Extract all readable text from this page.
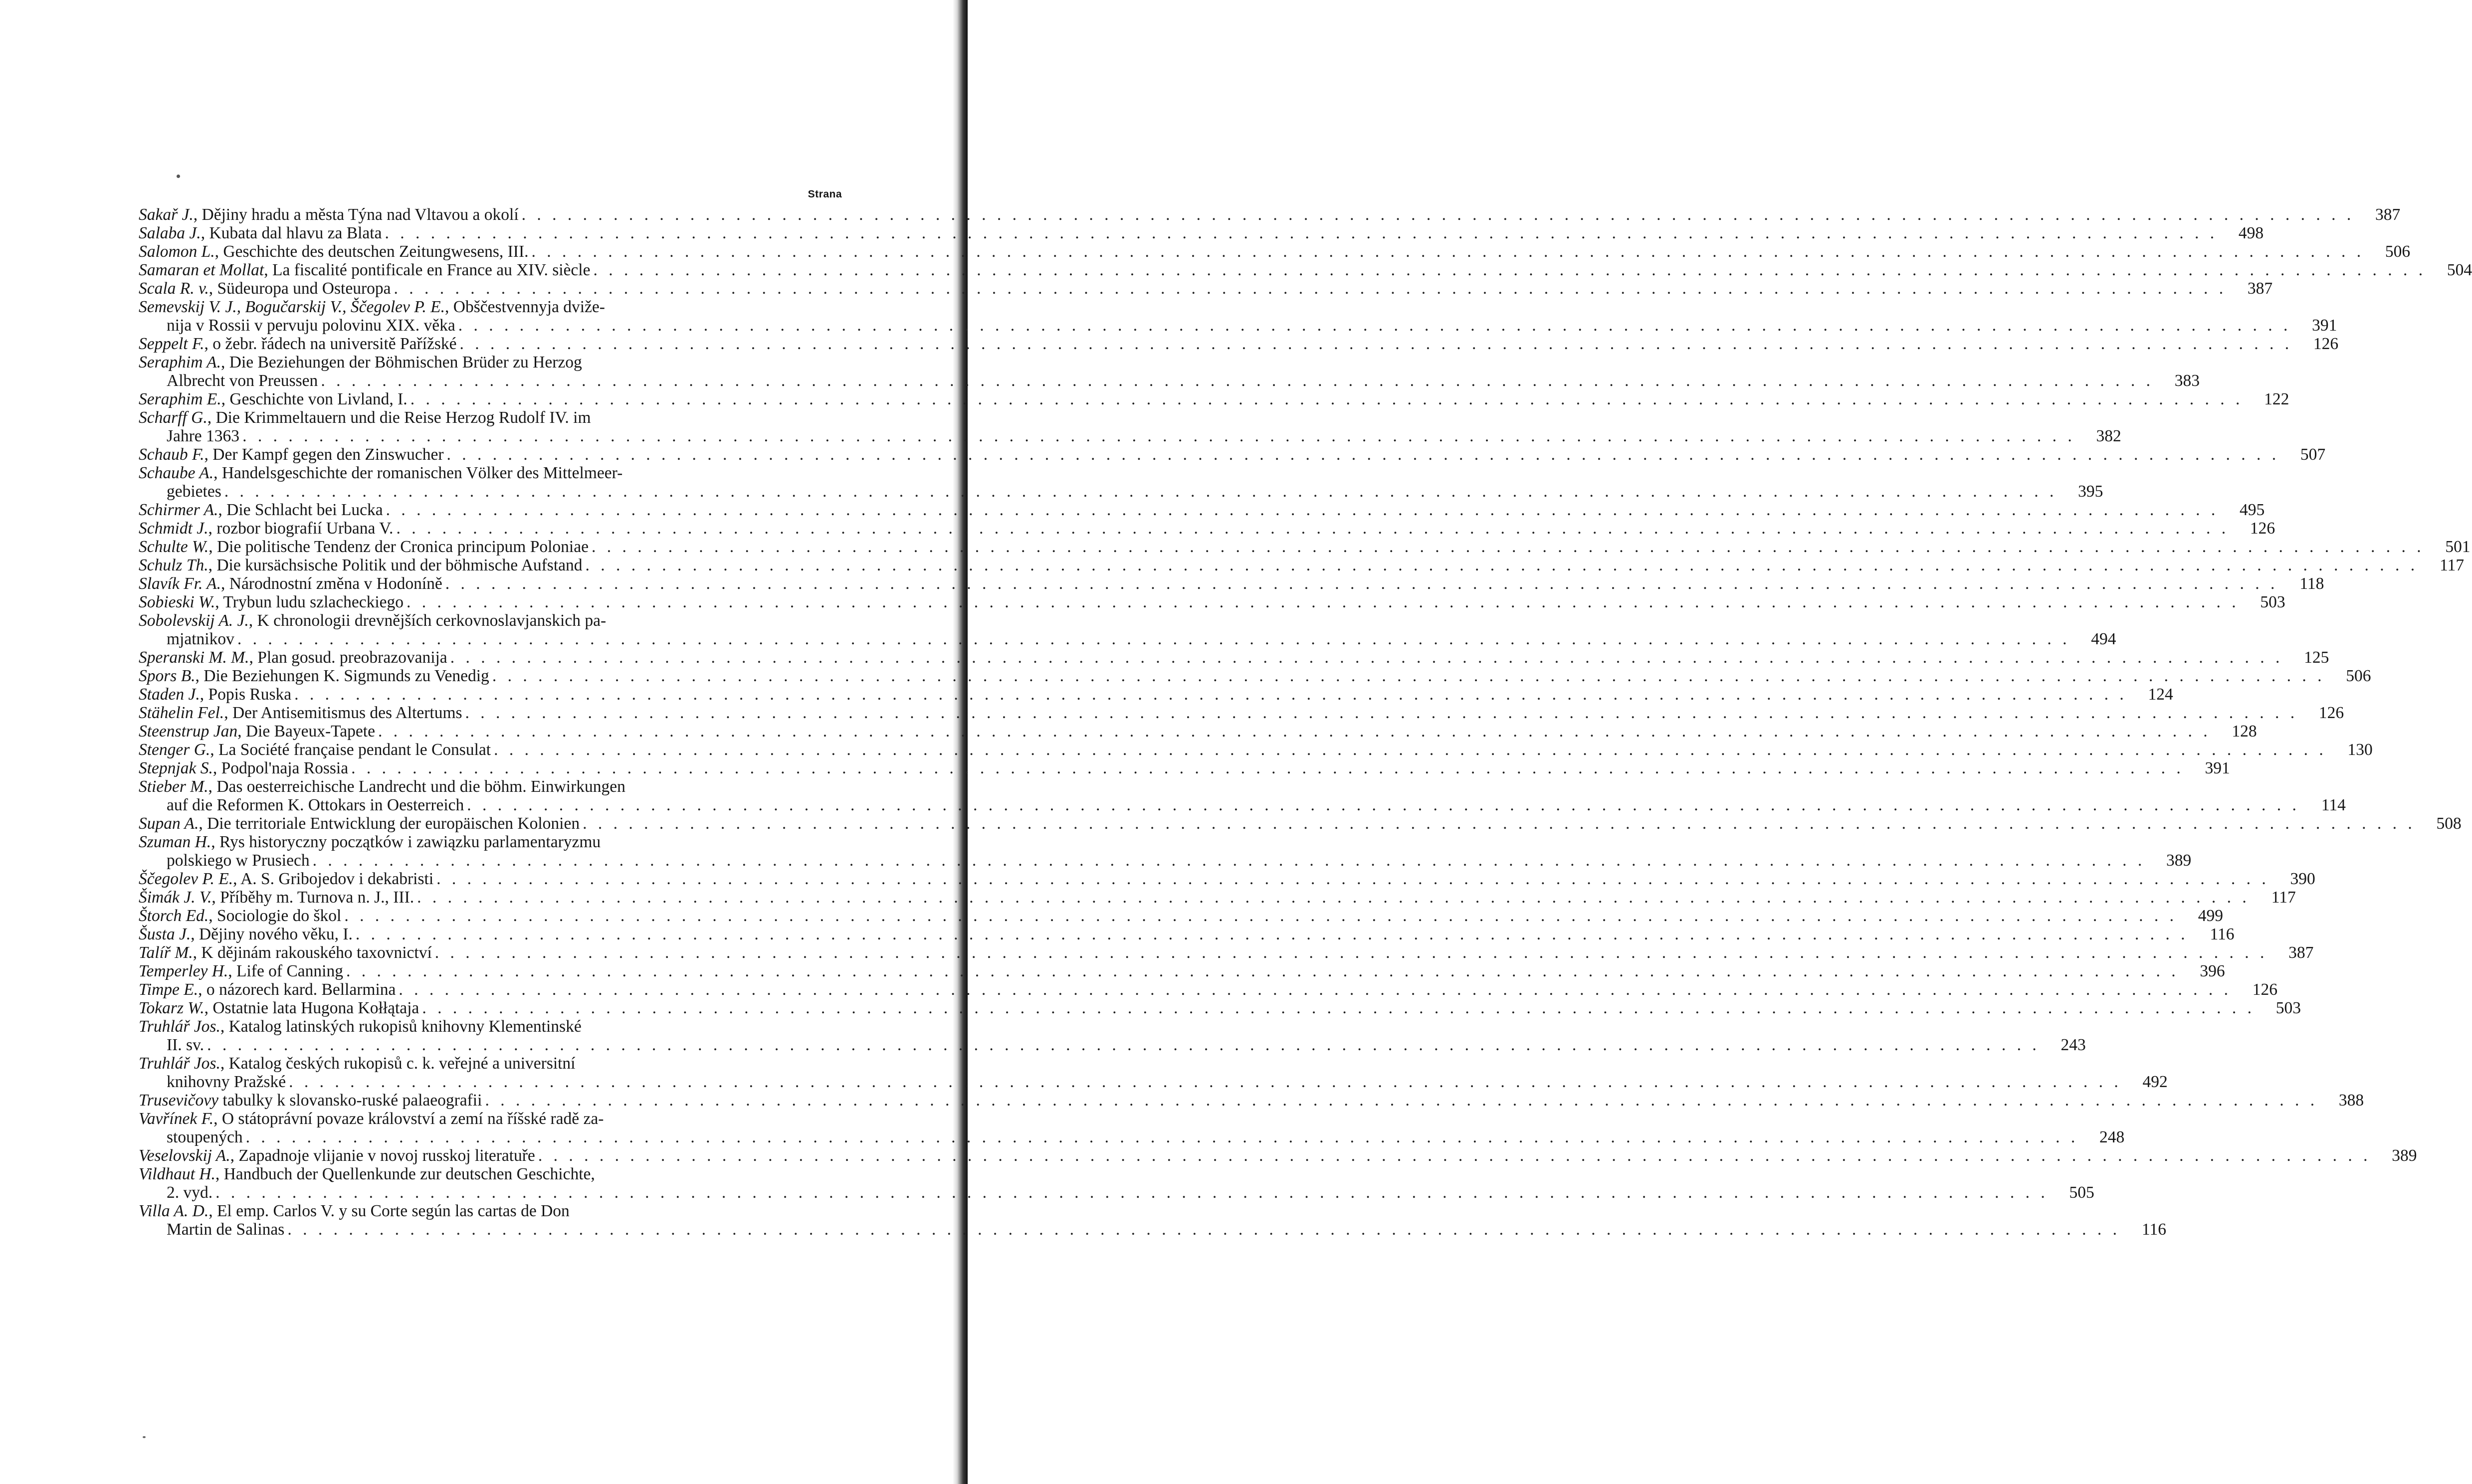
Strana
Sakař J., Dějiny hradu a města Týna nad Vltavou a okolí . . . . . . . . . . . . . . . . . . . . . . . . . . . . . . . . . . . . . . . . . . . . . . . . . . . . . . . . . . . . . . . . . . . . . . . . . . . . . . . . . . . . . . . . . . . . . . . . . . . . . . . . . . . . . . . . . . . . . . . .	387
Salaba J., Kubata dal hlavu za Blata . . . . . . . . . . . . . . . . . . . . . . . . . . . . . . . . . . . . . . . . . . . . . . . . . . . . . . . . . . . . . . . . . . . . . . . . . . . . . . . . . . . . . . . . . . . . . . . . . . . . . . . . . . . . . . . . . . . . . . . .	498
Salomon L., Geschichte des deutschen Zeitungwesens, III. . . . . . . . . . . . . . . . . . . . . . . . . . . . . . . . . . . . . . . . . . . . . . . . . . . . . . . . . . . . . . . . . . . . . . . . . . . . . . . . . . . . . . . . . . . . . . . . . . . . . . . . . . . . . . . . . . . . . . . . .	506
Samaran et Mollat, La fiscalité pontificale en France au XIV. siècle . . . . . . . . . . . . . . . . . . . . . . . . . . . . . . . . . . . . . . . . . . . . . . . . . . . . . . . . . . . . . . . . . . . . . . . . . . . . . . . . . . . . . . . . . . . . . . . . . . . . . . . . . . . . . . . . . . . . . . . .	504
Scala R. v., Südeuropa und Osteuropa . . . . . . . . . . . . . . . . . . . . . . . . . . . . . . . . . . . . . . . . . . . . . . . . . . . . . . . . . . . . . . . . . . . . . . . . . . . . . . . . . . . . . . . . . . . . . . . . . . . . . . . . . . . . . . . . . . . . . . . .	387
Semevskij V. J., Bogučarskij V., Ščegolev P. E., Obščestvennyja dviže-
nija v Rossii v pervuju polovinu XIX. věka . . . . . . . . . . . . . . . . . . . . . . . . . . . . . . . . . . . . . . . . . . . . . . . . . . . . . . . . . . . . . . . . . . . . . . . . . . . . . . . . . . . . . . . . . . . . . . . . . . . . . . . . . . . . . . . . . . . . . . . .	391
Seppelt F., o žebr. řádech na universitě Pařížské . . . . . . . . . . . . . . . . . . . . . . . . . . . . . . . . . . . . . . . . . . . . . . . . . . . . . . . . . . . . . . . . . . . . . . . . . . . . . . . . . . . . . . . . . . . . . . . . . . . . . . . . . . . . . . . . . . . . . . . .	126
Seraphim A., Die Beziehungen der Böhmischen Brüder zu Herzog
Albrecht von Preussen . . . . . . . . . . . . . . . . . . . . . . . . . . . . . . . . . . . . . . . . . . . . . . . . . . . . . . . . . . . . . . . . . . . . . . . . . . . . . . . . . . . . . . . . . . . . . . . . . . . . . . . . . . . . . . . . . . . . . . . .	383
Seraphim E., Geschichte von Livland, I. . . . . . . . . . . . . . . . . . . . . . . . . . . . . . . . . . . . . . . . . . . . . . . . . . . . . . . . . . . . . . . . . . . . . . . . . . . . . . . . . . . . . . . . . . . . . . . . . . . . . . . . . . . . . . . . . . . . . . . . .	122
Scharff G., Die Krimmeltauern und die Reise Herzog Rudolf IV. im
Jahre 1363 . . . . . . . . . . . . . . . . . . . . . . . . . . . . . . . . . . . . . . . . . . . . . . . . . . . . . . . . . . . . . . . . . . . . . . . . . . . . . . . . . . . . . . . . . . . . . . . . . . . . . . . . . . . . . . . . . . . . . . . .	382
Schaub F., Der Kampf gegen den Zinswucher . . . . . . . . . . . . . . . . . . . . . . . . . . . . . . . . . . . . . . . . . . . . . . . . . . . . . . . . . . . . . . . . . . . . . . . . . . . . . . . . . . . . . . . . . . . . . . . . . . . . . . . . . . . . . . . . . . . . . . . .	507
Schaube A., Handelsgeschichte der romanischen Völker des Mittelmeer-
gebietes . . . . . . . . . . . . . . . . . . . . . . . . . . . . . . . . . . . . . . . . . . . . . . . . . . . . . . . . . . . . . . . . . . . . . . . . . . . . . . . . . . . . . . . . . . . . . . . . . . . . . . . . . . . . . . . . . . . . . . . .	395
Schirmer A., Die Schlacht bei Lucka . . . . . . . . . . . . . . . . . . . . . . . . . . . . . . . . . . . . . . . . . . . . . . . . . . . . . . . . . . . . . . . . . . . . . . . . . . . . . . . . . . . . . . . . . . . . . . . . . . . . . . . . . . . . . . . . . . . . . . . .	495
Schmidt J., rozbor biografií Urbana V. . . . . . . . . . . . . . . . . . . . . . . . . . . . . . . . . . . . . . . . . . . . . . . . . . . . . . . . . . . . . . . . . . . . . . . . . . . . . . . . . . . . . . . . . . . . . . . . . . . . . . . . . . . . . . . . . . . . . . . . .	126
Schulte W., Die politische Tendenz der Cronica principum Poloniae . . . . . . . . . . . . . . . . . . . . . . . . . . . . . . . . . . . . . . . . . . . . . . . . . . . . . . . . . . . . . . . . . . . . . . . . . . . . . . . . . . . . . . . . . . . . . . . . . . . . . . . . . . . . . . . . . . . . . . . .	501
Schulz Th., Die kursächsische Politik und der böhmische Aufstand . . . . . . . . . . . . . . . . . . . . . . . . . . . . . . . . . . . . . . . . . . . . . . . . . . . . . . . . . . . . . . . . . . . . . . . . . . . . . . . . . . . . . . . . . . . . . . . . . . . . . . . . . . . . . . . . . . . . . . . .	117
Slavík Fr. A., Národnostní změna v Hodoníně . . . . . . . . . . . . . . . . . . . . . . . . . . . . . . . . . . . . . . . . . . . . . . . . . . . . . . . . . . . . . . . . . . . . . . . . . . . . . . . . . . . . . . . . . . . . . . . . . . . . . . . . . . . . . . . . . . . . . . . .	118
Sobieski W., Trybun ludu szlacheckiego . . . . . . . . . . . . . . . . . . . . . . . . . . . . . . . . . . . . . . . . . . . . . . . . . . . . . . . . . . . . . . . . . . . . . . . . . . . . . . . . . . . . . . . . . . . . . . . . . . . . . . . . . . . . . . . . . . . . . . . .	503
Sobolevskij A. J., K chronologii drevnějších cerkovnoslavjanskich pa-
mjatnikov . . . . . . . . . . . . . . . . . . . . . . . . . . . . . . . . . . . . . . . . . . . . . . . . . . . . . . . . . . . . . . . . . . . . . . . . . . . . . . . . . . . . . . . . . . . . . . . . . . . . . . . . . . . . . . . . . . . . . . . .	494
Speranski M. M., Plan gosud. preobrazovanija . . . . . . . . . . . . . . . . . . . . . . . . . . . . . . . . . . . . . . . . . . . . . . . . . . . . . . . . . . . . . . . . . . . . . . . . . . . . . . . . . . . . . . . . . . . . . . . . . . . . . . . . . . . . . . . . . . . . . . . .	125
Spors B., Die Beziehungen K. Sigmunds zu Venedig . . . . . . . . . . . . . . . . . . . . . . . . . . . . . . . . . . . . . . . . . . . . . . . . . . . . . . . . . . . . . . . . . . . . . . . . . . . . . . . . . . . . . . . . . . . . . . . . . . . . . . . . . . . . . . . . . . . . . . . .	506
Staden J., Popis Ruska . . . . . . . . . . . . . . . . . . . . . . . . . . . . . . . . . . . . . . . . . . . . . . . . . . . . . . . . . . . . . . . . . . . . . . . . . . . . . . . . . . . . . . . . . . . . . . . . . . . . . . . . . . . . . . . . . . . . . . . .	124
Stähelin Fel., Der Antisemitismus des Altertums . . . . . . . . . . . . . . . . . . . . . . . . . . . . . . . . . . . . . . . . . . . . . . . . . . . . . . . . . . . . . . . . . . . . . . . . . . . . . . . . . . . . . . . . . . . . . . . . . . . . . . . . . . . . . . . . . . . . . . . .	126
Steenstrup Jan, Die Bayeux-Tapete . . . . . . . . . . . . . . . . . . . . . . . . . . . . . . . . . . . . . . . . . . . . . . . . . . . . . . . . . . . . . . . . . . . . . . . . . . . . . . . . . . . . . . . . . . . . . . . . . . . . . . . . . . . . . . . . . . . . . . . .	128
Stenger G., La Société française pendant le Consulat . . . . . . . . . . . . . . . . . . . . . . . . . . . . . . . . . . . . . . . . . . . . . . . . . . . . . . . . . . . . . . . . . . . . . . . . . . . . . . . . . . . . . . . . . . . . . . . . . . . . . . . . . . . . . . . . . . . . . . . .	130
Stepnjak S., Podpol'naja Rossia . . . . . . . . . . . . . . . . . . . . . . . . . . . . . . . . . . . . . . . . . . . . . . . . . . . . . . . . . . . . . . . . . . . . . . . . . . . . . . . . . . . . . . . . . . . . . . . . . . . . . . . . . . . . . . . . . . . . . . . .	391
Stieber M., Das oesterreichische Landrecht und die böhm. Einwirkungen
auf die Reformen K. Ottokars in Oesterreich . . . . . . . . . . . . . . . . . . . . . . . . . . . . . . . . . . . . . . . . . . . . . . . . . . . . . . . . . . . . . . . . . . . . . . . . . . . . . . . . . . . . . . . . . . . . . . . . . . . . . . . . . . . . . . . . . . . . . . . .	114
Supan A., Die territoriale Entwicklung der europäischen Kolonien . . . . . . . . . . . . . . . . . . . . . . . . . . . . . . . . . . . . . . . . . . . . . . . . . . . . . . . . . . . . . . . . . . . . . . . . . . . . . . . . . . . . . . . . . . . . . . . . . . . . . . . . . . . . . . . . . . . . . . . .	508
Szuman H., Rys historyczny początków i zawiązku parlamentaryzmu
polskiego w Prusiech . . . . . . . . . . . . . . . . . . . . . . . . . . . . . . . . . . . . . . . . . . . . . . . . . . . . . . . . . . . . . . . . . . . . . . . . . . . . . . . . . . . . . . . . . . . . . . . . . . . . . . . . . . . . . . . . . . . . . . . .	389
Ščegolev P. E., A. S. Gribojedov i dekabristi . . . . . . . . . . . . . . . . . . . . . . . . . . . . . . . . . . . . . . . . . . . . . . . . . . . . . . . . . . . . . . . . . . . . . . . . . . . . . . . . . . . . . . . . . . . . . . . . . . . . . . . . . . . . . . . . . . . . . . . .	390
Šimák J. V., Příběhy m. Turnova n. J., III. . . . . . . . . . . . . . . . . . . . . . . . . . . . . . . . . . . . . . . . . . . . . . . . . . . . . . . . . . . . . . . . . . . . . . . . . . . . . . . . . . . . . . . . . . . . . . . . . . . . . . . . . . . . . . . . . . . . . . . . .	117
Štorch Ed., Sociologie do škol . . . . . . . . . . . . . . . . . . . . . . . . . . . . . . . . . . . . . . . . . . . . . . . . . . . . . . . . . . . . . . . . . . . . . . . . . . . . . . . . . . . . . . . . . . . . . . . . . . . . . . . . . . . . . . . . . . . . . . . .	499
Šusta J., Dějiny nového věku, I. . . . . . . . . . . . . . . . . . . . . . . . . . . . . . . . . . . . . . . . . . . . . . . . . . . . . . . . . . . . . . . . . . . . . . . . . . . . . . . . . . . . . . . . . . . . . . . . . . . . . . . . . . . . . . . . . . . . . . . . .	116
Talíř M., K dějinám rakouského taxovnictví . . . . . . . . . . . . . . . . . . . . . . . . . . . . . . . . . . . . . . . . . . . . . . . . . . . . . . . . . . . . . . . . . . . . . . . . . . . . . . . . . . . . . . . . . . . . . . . . . . . . . . . . . . . . . . . . . . . . . . . .	387
Temperley H., Life of Canning . . . . . . . . . . . . . . . . . . . . . . . . . . . . . . . . . . . . . . . . . . . . . . . . . . . . . . . . . . . . . . . . . . . . . . . . . . . . . . . . . . . . . . . . . . . . . . . . . . . . . . . . . . . . . . . . . . . . . . . .	396
Timpe E., o názorech kard. Bellarmina . . . . . . . . . . . . . . . . . . . . . . . . . . . . . . . . . . . . . . . . . . . . . . . . . . . . . . . . . . . . . . . . . . . . . . . . . . . . . . . . . . . . . . . . . . . . . . . . . . . . . . . . . . . . . . . . . . . . . . . .	126
Tokarz W., Ostatnie lata Hugona Kołłątaja . . . . . . . . . . . . . . . . . . . . . . . . . . . . . . . . . . . . . . . . . . . . . . . . . . . . . . . . . . . . . . . . . . . . . . . . . . . . . . . . . . . . . . . . . . . . . . . . . . . . . . . . . . . . . . . . . . . . . . . .	503
Truhlář Jos., Katalog latinských rukopisů knihovny Klementinské
II. sv. . . . . . . . . . . . . . . . . . . . . . . . . . . . . . . . . . . . . . . . . . . . . . . . . . . . . . . . . . . . . . . . . . . . . . . . . . . . . . . . . . . . . . . . . . . . . . . . . . . . . . . . . . . . . . . . . . . . . . . . .	243
Truhlář Jos., Katalog českých rukopisů c. k. veřejné a universitní
knihovny Pražské . . . . . . . . . . . . . . . . . . . . . . . . . . . . . . . . . . . . . . . . . . . . . . . . . . . . . . . . . . . . . . . . . . . . . . . . . . . . . . . . . . . . . . . . . . . . . . . . . . . . . . . . . . . . . . . . . . . . . . . .	492
Trusevičovy tabulky k slovansko-ruské palaeografii . . . . . . . . . . . . . . . . . . . . . . . . . . . . . . . . . . . . . . . . . . . . . . . . . . . . . . . . . . . . . . . . . . . . . . . . . . . . . . . . . . . . . . . . . . . . . . . . . . . . . . . . . . . . . . . . . . . . . . . .	388
Vavřínek F., O státoprávní povaze království a zemí na říšské radě za-
stoupených . . . . . . . . . . . . . . . . . . . . . . . . . . . . . . . . . . . . . . . . . . . . . . . . . . . . . . . . . . . . . . . . . . . . . . . . . . . . . . . . . . . . . . . . . . . . . . . . . . . . . . . . . . . . . . . . . . . . . . . .	248
Veselovskij A., Zapadnoje vlijanie v novoj russkoj literatuře . . . . . . . . . . . . . . . . . . . . . . . . . . . . . . . . . . . . . . . . . . . . . . . . . . . . . . . . . . . . . . . . . . . . . . . . . . . . . . . . . . . . . . . . . . . . . . . . . . . . . . . . . . . . . . . . . . . . . . . .	389
Vildhaut H., Handbuch der Quellenkunde zur deutschen Geschichte,
2. vyd. . . . . . . . . . . . . . . . . . . . . . . . . . . . . . . . . . . . . . . . . . . . . . . . . . . . . . . . . . . . . . . . . . . . . . . . . . . . . . . . . . . . . . . . . . . . . . . . . . . . . . . . . . . . . . . . . . . . . . . . .	505
Villa A. D., El emp. Carlos V. y su Corte según las cartas de Don
Martin de Salinas . . . . . . . . . . . . . . . . . . . . . . . . . . . . . . . . . . . . . . . . . . . . . . . . . . . . . . . . . . . . . . . . . . . . . . . . . . . . . . . . . . . . . . . . . . . . . . . . . . . . . . . . . . . . . . . . . . . . . . . .	116
